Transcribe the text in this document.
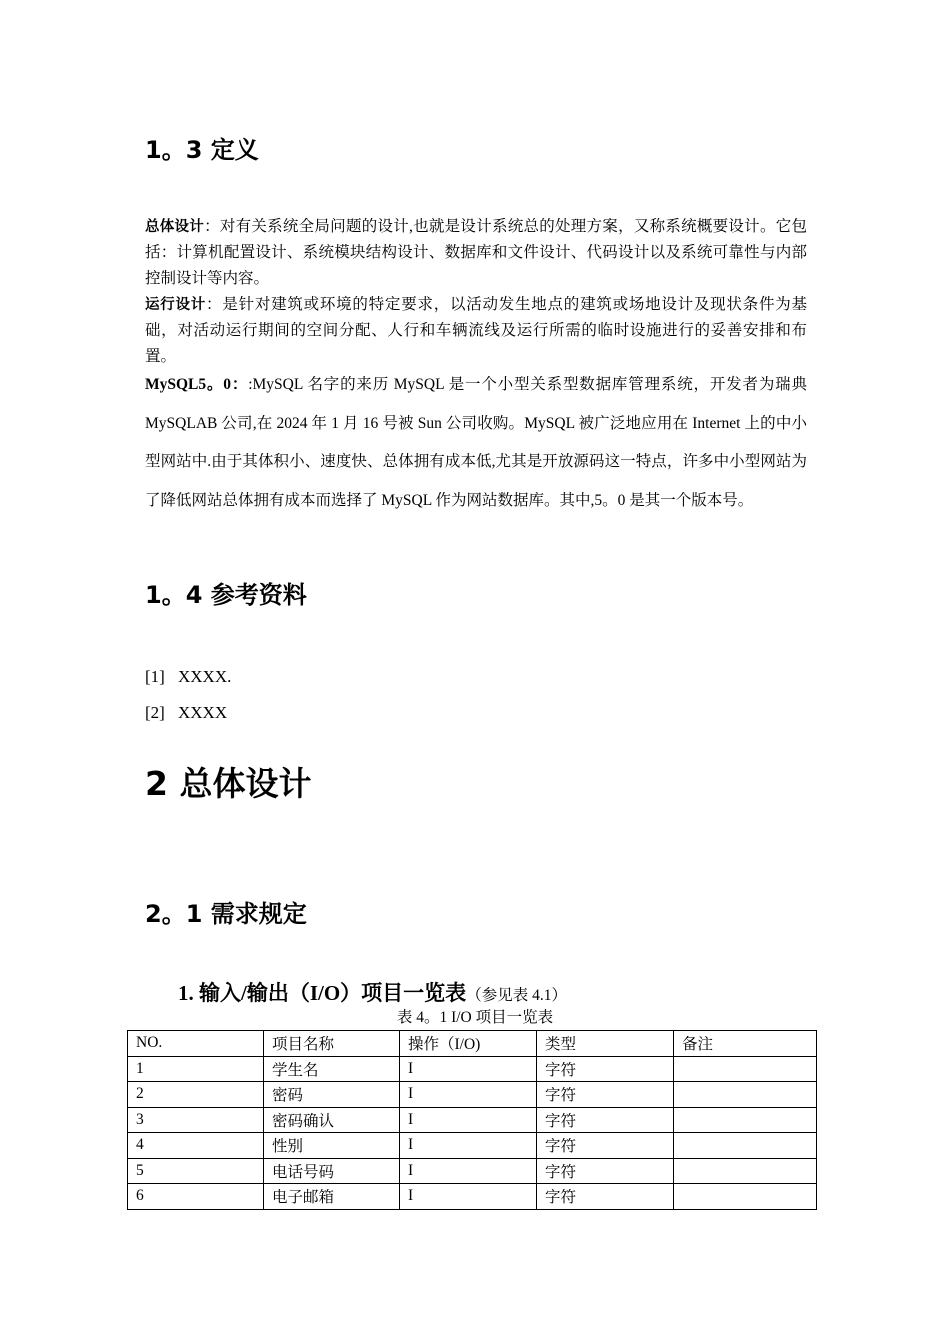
1。3 定义

总体设计：对有关系统全局问题的设计,也就是设计系统总的处理方案，又称系统概要设计。它包括：计算机配置设计、系统模块结构设计、数据库和文件设计、代码设计以及系统可靠性与内部控制设计等内容。

运行设计：是针对建筑或环境的特定要求，以活动发生地点的建筑或场地设计及现状条件为基础，对活动运行期间的空间分配、人行和车辆流线及运行所需的临时设施进行的妥善安排和布置。

MySQL5。0：:MySQL 名字的来历 MySQL 是一个小型关系型数据库管理系统，开发者为瑞典 MySQLAB 公司,在 2024 年 1 月 16 号被 Sun 公司收购。MySQL 被广泛地应用在 Internet 上的中小型网站中.由于其体积小、速度快、总体拥有成本低,尤其是开放源码这一特点，许多中小型网站为了降低网站总体拥有成本而选择了 MySQL 作为网站数据库。其中,5。0 是其一个版本号。

1。4 参考资料
[1] XXXX.
[2] XXXX
2 总体设计
2。1 需求规定
1. 输入/输出（I/O）项目一览表（参见表 4.1）
表 4。1 I/O 项目一览表
NO.	项目名称	操作（I/O)	类型	备注
1	学生名	I	字符	
2	密码	I	字符	
3	密码确认	I	字符	
4	性别	I	字符	
5	电话号码	I	字符	
6	电子邮箱	I	字符	
